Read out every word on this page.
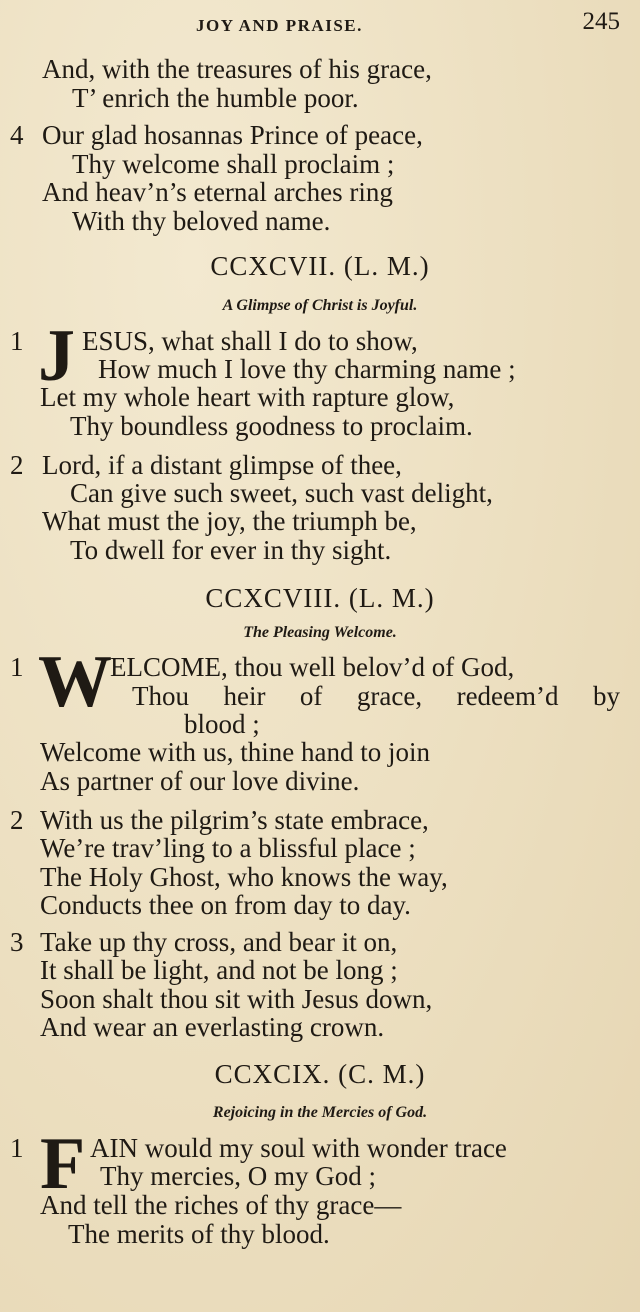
JOY AND PRAISE.	245
And, with the treasures of his grace,
T’ enrich the humble poor.
4 Our glad hosannas Prince of peace,
Thy welcome shall proclaim ;
And heav’n’s eternal arches ring
With thy beloved name.
CCXCVII. (L. M.)
A Glimpse of Christ is Joyful.
1 J ESUS, what shall I do to show,
How much I love thy charming name ;
Let my whole heart with rapture glow,
Thy boundless goodness to proclaim.
2 Lord, if a distant glimpse of thee,
Can give such sweet, such vast delight,
What must the joy, the triumph be,
To dwell for ever in thy sight.
CCXCVIII. (L. M.)
The Pleasing Welcome.
1 W
ELCOME, thou well belov’d of God,
Thou heir of grace, redeem’d by
blood ;
Welcome with us, thine hand to join
As partner of our love divine.
2 With us the pilgrim’s state embrace,
We’re trav’ling to a blissful place ;
The Holy Ghost, who knows the way,
Conducts thee on from day to day.
3 Take up thy cross, and bear it on,
It shall be light, and not be long ;
Soon shalt thou sit with Jesus down,
And wear an everlasting crown.
CCXCIX. (C. M.)
Rejoicing in the Mercies of God.
1 F AIN would my soul with wonder trace
Thy mercies, O my God ;
And tell the riches of thy grace—
The merits of thy blood.
